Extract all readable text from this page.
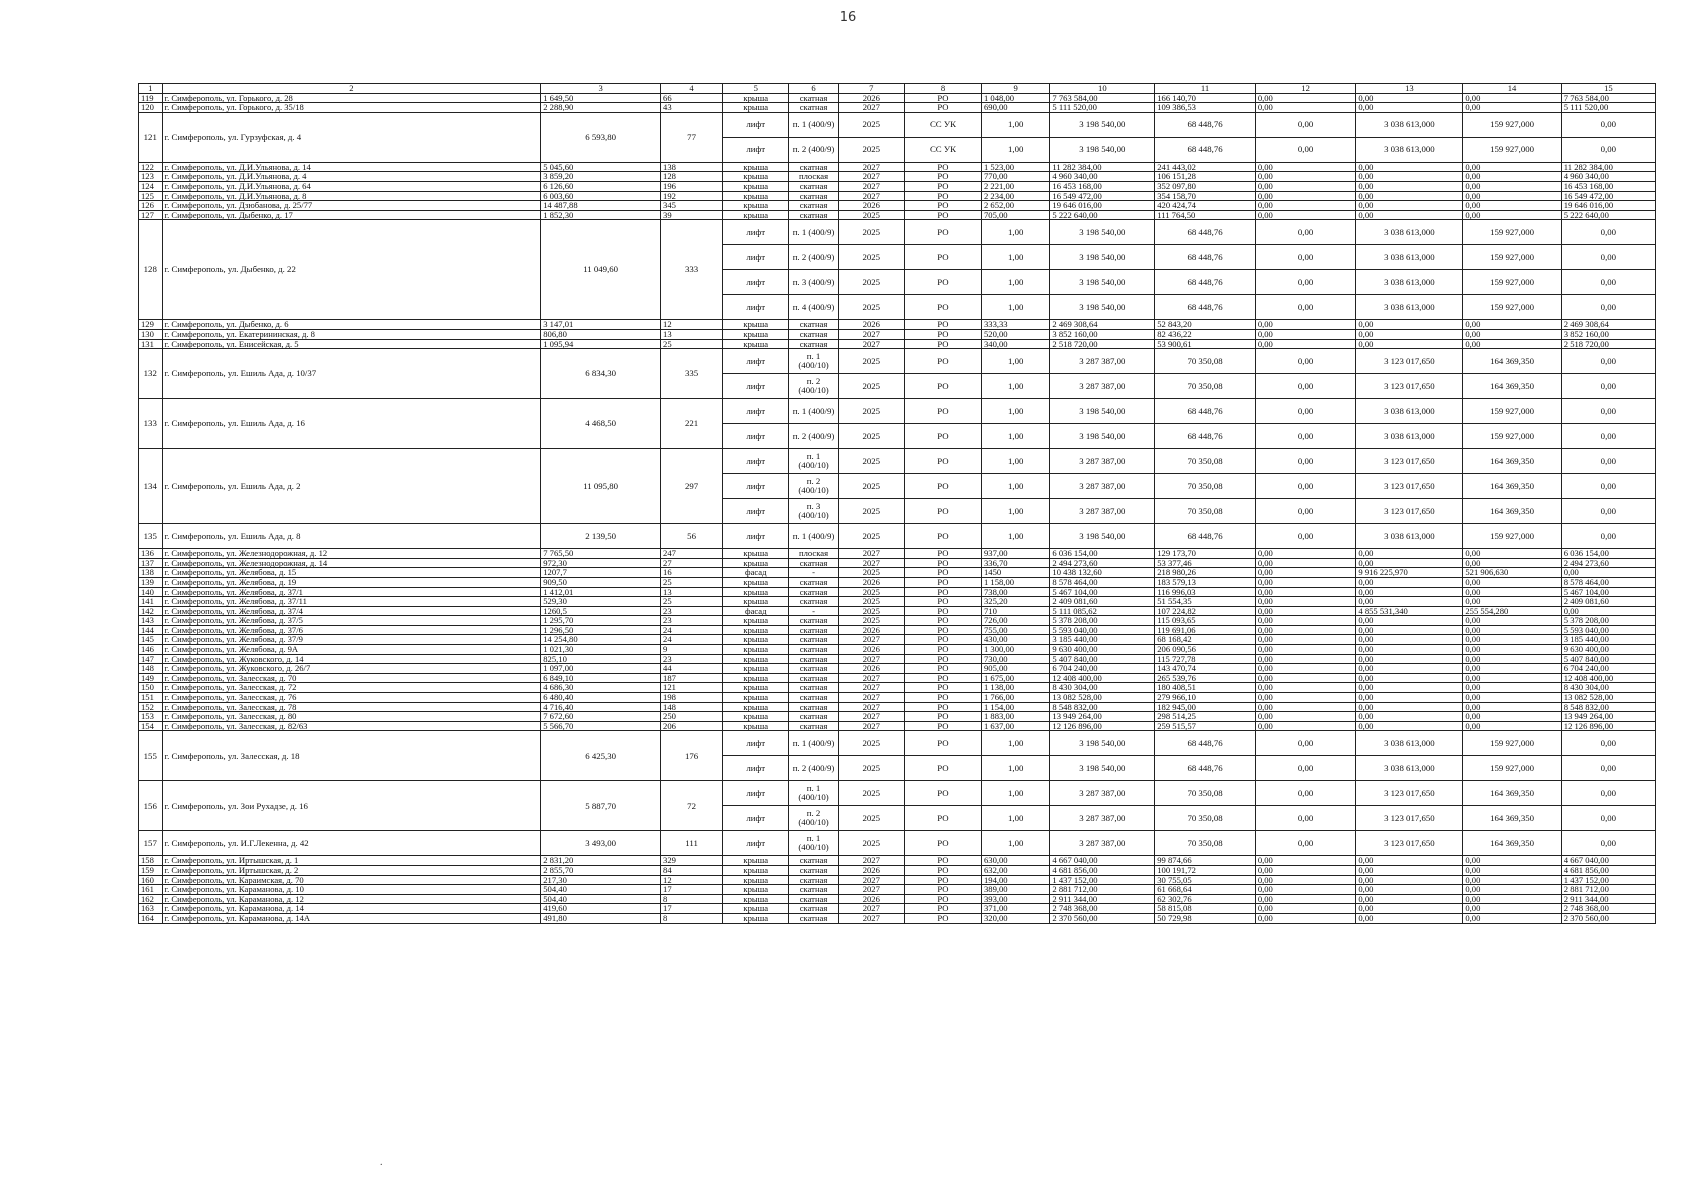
16
1	2	3	4	5	6	7	8	9	10	11	12	13	14	15
119	г. Симферополь, ул. Горького, д. 28	1 649,50	66	крыша	скатная	2026	РО	1 048,00	7 763 584,00	166 140,70	0,00	0,00	0,00	7 763 584,00
120	г. Симферополь, ул. Горького, д. 35/18	2 288,90	43	крыша	скатная	2027	РО	690,00	5 111 520,00	109 386,53	0,00	0,00	0,00	5 111 520,00
121	г. Симферополь, ул. Гурзуфская, д. 4	6 593,80	77	лифт	п. 1 (400/9)	2025	СС УК	1,00	3 198 540,00	68 448,76	0,00	3 038 613,000	159 927,000	0,00
				лифт	п. 2 (400/9)	2025	СС УК	1,00	3 198 540,00	68 448,76	0,00	3 038 613,000	159 927,000	0,00
122	г. Симферополь, ул. Д.И.Ульянова, д. 14	5 045,60	138	крыша	скатная	2027	РО	1 523,00	11 282 384,00	241 443,02	0,00	0,00	0,00	11 282 384,00
123	г. Симферополь, ул. Д.И.Ульянова, д. 4	3 859,20	128	крыша	плоская	2027	РО	770,00	4 960 340,00	106 151,28	0,00	0,00	0,00	4 960 340,00
124	г. Симферополь, ул. Д.И.Ульянова, д. 64	6 126,60	196	крыша	скатная	2027	РО	2 221,00	16 453 168,00	352 097,80	0,00	0,00	0,00	16 453 168,00
125	г. Симферополь, ул. Д.И.Ульянова, д. 8	6 003,60	192	крыша	скатная	2027	РО	2 234,00	16 549 472,00	354 158,70	0,00	0,00	0,00	16 549 472,00
126	г. Симферополь, ул. Дзюбанова, д. 25/77	14 487,88	345	крыша	скатная	2026	РО	2 652,00	19 646 016,00	420 424,74	0,00	0,00	0,00	19 646 016,00
127	г. Симферополь, ул. Дыбенко, д. 17	1 852,30	39	крыша	скатная	2025	РО	705,00	5 222 640,00	111 764,50	0,00	0,00	0,00	5 222 640,00
128	г. Симферополь, ул. Дыбенко, д. 22	11 049,60	333	лифт	п. 1 (400/9)	2025	РО	1,00	3 198 540,00	68 448,76	0,00	3 038 613,000	159 927,000	0,00
				лифт	п. 2 (400/9)	2025	РО	1,00	3 198 540,00	68 448,76	0,00	3 038 613,000	159 927,000	0,00
				лифт	п. 3 (400/9)	2025	РО	1,00	3 198 540,00	68 448,76	0,00	3 038 613,000	159 927,000	0,00
				лифт	п. 4 (400/9)	2025	РО	1,00	3 198 540,00	68 448,76	0,00	3 038 613,000	159 927,000	0,00
129	г. Симферополь, ул. Дыбенко, д. 6	3 147,01	12	крыша	скатная	2026	РО	333,33	2 469 308,64	52 843,20	0,00	0,00	0,00	2 469 308,64
130	г. Симферополь, ул. Екатерининская, д. 8	806,80	13	крыша	скатная	2027	РО	520,00	3 852 160,00	82 436,22	0,00	0,00	0,00	3 852 160,00
131	г. Симферополь, ул. Енисейская, д. 5	1 095,94	25	крыша	скатная	2027	РО	340,00	2 518 720,00	53 900,61	0,00	0,00	0,00	2 518 720,00
132	г. Симферополь, ул. Ешиль Ада, д. 10/37	6 834,30	335	лифт	п. 1 (400/10)	2025	РО	1,00	3 287 387,00	70 350,08	0,00	3 123 017,650	164 369,350	0,00
				лифт	п. 2 (400/10)	2025	РО	1,00	3 287 387,00	70 350,08	0,00	3 123 017,650	164 369,350	0,00
133	г. Симферополь, ул. Ешиль Ада, д. 16	4 468,50	221	лифт	п. 1 (400/9)	2025	РО	1,00	3 198 540,00	68 448,76	0,00	3 038 613,000	159 927,000	0,00
				лифт	п. 2 (400/9)	2025	РО	1,00	3 198 540,00	68 448,76	0,00	3 038 613,000	159 927,000	0,00
134	г. Симферополь, ул. Ешиль Ада, д. 2	11 095,80	297	лифт	п. 1 (400/10)	2025	РО	1,00	3 287 387,00	70 350,08	0,00	3 123 017,650	164 369,350	0,00
				лифт	п. 2 (400/10)	2025	РО	1,00	3 287 387,00	70 350,08	0,00	3 123 017,650	164 369,350	0,00
				лифт	п. 3 (400/10)	2025	РО	1,00	3 287 387,00	70 350,08	0,00	3 123 017,650	164 369,350	0,00
135	г. Симферополь, ул. Ешиль Ада, д. 8	2 139,50	56	лифт	п. 1 (400/9)	2025	РО	1,00	3 198 540,00	68 448,76	0,00	3 038 613,000	159 927,000	0,00
136	г. Симферополь, ул. Железнодорожная, д. 12	7 765,50	247	крыша	плоская	2027	РО	937,00	6 036 154,00	129 173,70	0,00	0,00	0,00	6 036 154,00
137	г. Симферополь, ул. Железнодорожная, д. 14	972,30	27	крыша	скатная	2027	РО	336,70	2 494 273,60	53 377,46	0,00	0,00	0,00	2 494 273,60
138	г. Симферополь, ул. Желябова, д. 15	1207,7	16	фасад	-	2025	РО	1450	10 438 132,60	218 980,26	0,00	9 916 225,970	521 906,630	0,00
139	г. Симферополь, ул. Желябова, д. 19	909,50	25	крыша	скатная	2026	РО	1 158,00	8 578 464,00	183 579,13	0,00	0,00	0,00	8 578 464,00
140	г. Симферополь, ул. Желябова, д. 37/1	1 412,01	13	крыша	скатная	2025	РО	738,00	5 467 104,00	116 996,03	0,00	0,00	0,00	5 467 104,00
141	г. Симферополь, ул. Желябова, д. 37/11	529,30	25	крыша	скатная	2025	РО	325,20	2 409 081,60	51 554,35	0,00	0,00	0,00	2 409 081,60
142	г. Симферополь, ул. Желябова, д. 37/4	1260,5	23	фасад	-	2025	РО	710	5 111 085,62	107 224,82	0,00	4 855 531,340	255 554,280	0,00
143	г. Симферополь, ул. Желябова, д. 37/5	1 295,70	23	крыша	скатная	2025	РО	726,00	5 378 208,00	115 093,65	0,00	0,00	0,00	5 378 208,00
144	г. Симферополь, ул. Желябова, д. 37/6	1 296,50	24	крыша	скатная	2026	РО	755,00	5 593 040,00	119 691,06	0,00	0,00	0,00	5 593 040,00
145	г. Симферополь, ул. Желябова, д. 37/9	14 254,80	24	крыша	скатная	2027	РО	430,00	3 185 440,00	68 168,42	0,00	0,00	0,00	3 185 440,00
146	г. Симферополь, ул. Желябова, д. 9А	1 021,30	9	крыша	скатная	2026	РО	1 300,00	9 630 400,00	206 090,56	0,00	0,00	0,00	9 630 400,00
147	г. Симферополь, ул. Жуковского, д. 14	825,10	23	крыша	скатная	2027	РО	730,00	5 407 840,00	115 727,78	0,00	0,00	0,00	5 407 840,00
148	г. Симферополь, ул. Жуковского, д. 26/7	1 097,00	44	крыша	скатная	2026	РО	905,00	6 704 240,00	143 470,74	0,00	0,00	0,00	6 704 240,00
149	г. Симферополь, ул. Залесская, д. 70	6 849,10	187	крыша	скатная	2027	РО	1 675,00	12 408 400,00	265 539,76	0,00	0,00	0,00	12 408 400,00
150	г. Симферополь, ул. Залесская, д. 72	4 686,30	121	крыша	скатная	2027	РО	1 138,00	8 430 304,00	180 408,51	0,00	0,00	0,00	8 430 304,00
151	г. Симферополь, ул. Залесская, д. 76	6 480,40	198	крыша	скатная	2027	РО	1 766,00	13 082 528,00	279 966,10	0,00	0,00	0,00	13 082 528,00
152	г. Симферополь, ул. Залесская, д. 78	4 716,40	148	крыша	скатная	2027	РО	1 154,00	8 548 832,00	182 945,00	0,00	0,00	0,00	8 548 832,00
153	г. Симферополь, ул. Залесская, д. 80	7 672,60	250	крыша	скатная	2027	РО	1 883,00	13 949 264,00	298 514,25	0,00	0,00	0,00	13 949 264,00
154	г. Симферополь, ул. Залесская, д. 82/63	5 566,70	206	крыша	скатная	2027	РО	1 637,00	12 126 896,00	259 515,57	0,00	0,00	0,00	12 126 896,00
155	г. Симферополь, ул. Залесская, д. 18	6 425,30	176	лифт	п. 1 (400/9)	2025	РО	1,00	3 198 540,00	68 448,76	0,00	3 038 613,000	159 927,000	0,00
				лифт	п. 2 (400/9)	2025	РО	1,00	3 198 540,00	68 448,76	0,00	3 038 613,000	159 927,000	0,00
156	г. Симферополь, ул. Зои Рухадзе, д. 16	5 887,70	72	лифт	п. 1 (400/10)	2025	РО	1,00	3 287 387,00	70 350,08	0,00	3 123 017,650	164 369,350	0,00
				лифт	п. 2 (400/10)	2025	РО	1,00	3 287 387,00	70 350,08	0,00	3 123 017,650	164 369,350	0,00
157	г. Симферополь, ул. И.Г.Лекенна, д. 42	3 493,00	111	лифт	п. 1 (400/10)	2025	РО	1,00	3 287 387,00	70 350,08	0,00	3 123 017,650	164 369,350	0,00
158	г. Симферополь, ул. Иртышская, д. 1	2 831,20	329	крыша	скатная	2027	РО	630,00	4 667 040,00	99 874,66	0,00	0,00	0,00	4 667 040,00
159	г. Симферополь, ул. Иртышская, д. 2	2 855,70	84	крыша	скатная	2026	РО	632,00	4 681 856,00	100 191,72	0,00	0,00	0,00	4 681 856,00
160	г. Симферополь, ул. Караимская, д. 70	217,30	12	крыша	скатная	2027	РО	194,00	1 437 152,00	30 755,05	0,00	0,00	0,00	1 437 152,00
161	г. Симферополь, ул. Караманова, д. 10	504,40	17	крыша	скатная	2027	РО	389,00	2 881 712,00	61 668,64	0,00	0,00	0,00	2 881 712,00
162	г. Симферополь, ул. Караманова, д. 12	504,40	8	крыша	скатная	2026	РО	393,00	2 911 344,00	62 302,76	0,00	0,00	0,00	2 911 344,00
163	г. Симферополь, ул. Караманова, д. 14	419,60	17	крыша	скатная	2027	РО	371,00	2 748 368,00	58 815,08	0,00	0,00	0,00	2 748 368,00
164	г. Симферополь, ул. Караманова, д. 14А	491,80	8	крыша	скатная	2027	РО	320,00	2 370 560,00	50 729,98	0,00	0,00	0,00	2 370 560,00
.
